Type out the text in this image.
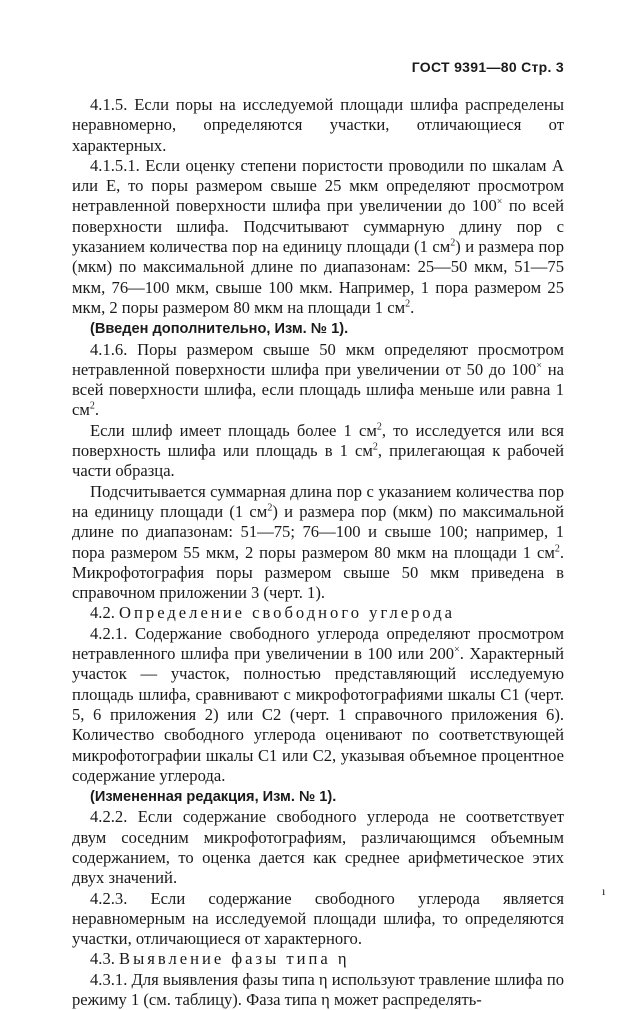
ГОСТ 9391—80 Стр. 3

4.1.5. Если поры на исследуемой площади шлифа распределены неравномерно, определяются участки, отличающиеся от характерных.

4.1.5.1. Если оценку степени пористости проводили по шкалам А или Е, то поры размером свыше 25 мкм определяют просмотром нетравленной поверхности шлифа при увеличении до 100× по всей поверхности шлифа. Подсчитывают суммарную длину пор с указанием количества пор на единицу площади (1 $см^2$) и размера пор (мкм) по максимальной длине по диапазонам: 25—50 мкм, 51—75 мкм, 76—100 мкм, свыше 100 мкм. Например, 1 пора размером 25 мкм, 2 поры размером 80 мкм на площади 1 $см^2$.

(Введен дополнительно, Изм. № 1).

4.1.6. Поры размером свыше 50 мкм определяют просмотром нетравленной поверхности шлифа при увеличении от 50 до 100× на всей поверхности шлифа, если площадь шлифа меньше или равна 1 $см^2$.

Если шлиф имеет площадь более 1 $см^2$, то исследуется или вся поверхность шлифа или площадь в 1 $см^2$, прилегающая к рабочей части образца.

Подсчитывается суммарная длина пор с указанием количества пор на единицу площади (1 $см^2$) и размера пор (мкм) по максимальной длине по диапазонам: 51—75; 76—100 и свыше 100; например, 1 пора размером 55 мкм, 2 поры размером 80 мкм на площади 1 $см^2$. Микрофотография поры размером свыше 50 мкм приведена в справочном приложении 3 (черт. 1).

4.2. Определение свободного углерода

4.2.1. Содержание свободного углерода определяют просмотром нетравленного шлифа при увеличении в 100 или 200×. Характерный участок — участок, полностью представляющий исследуемую площадь шлифа, сравнивают с микрофотографиями шкалы С1 (черт. 5, 6 приложения 2) или С2 (черт. 1 справочного приложения 6). Количество свободного углерода оценивают по соответствующей микрофотографии шкалы С1 или С2, указывая объемное процентное содержание углерода.

(Измененная редакция, Изм. № 1).

4.2.2. Если содержание свободного углерода не соответствует двум соседним микрофотографиям, различающимся объемным содержанием, то оценка дается как среднее арифметическое этих двух значений.

4.2.3. Если содержание свободного углерода является неравномерным на исследуемой площади шлифа, то определяются участки, отличающиеся от характерного.

4.3. Выявление фазы типа η

4.3.1. Для выявления фазы типа η используют травление шлифа по режиму 1 (см. таблицу). Фаза типа η может распределять-

ı
